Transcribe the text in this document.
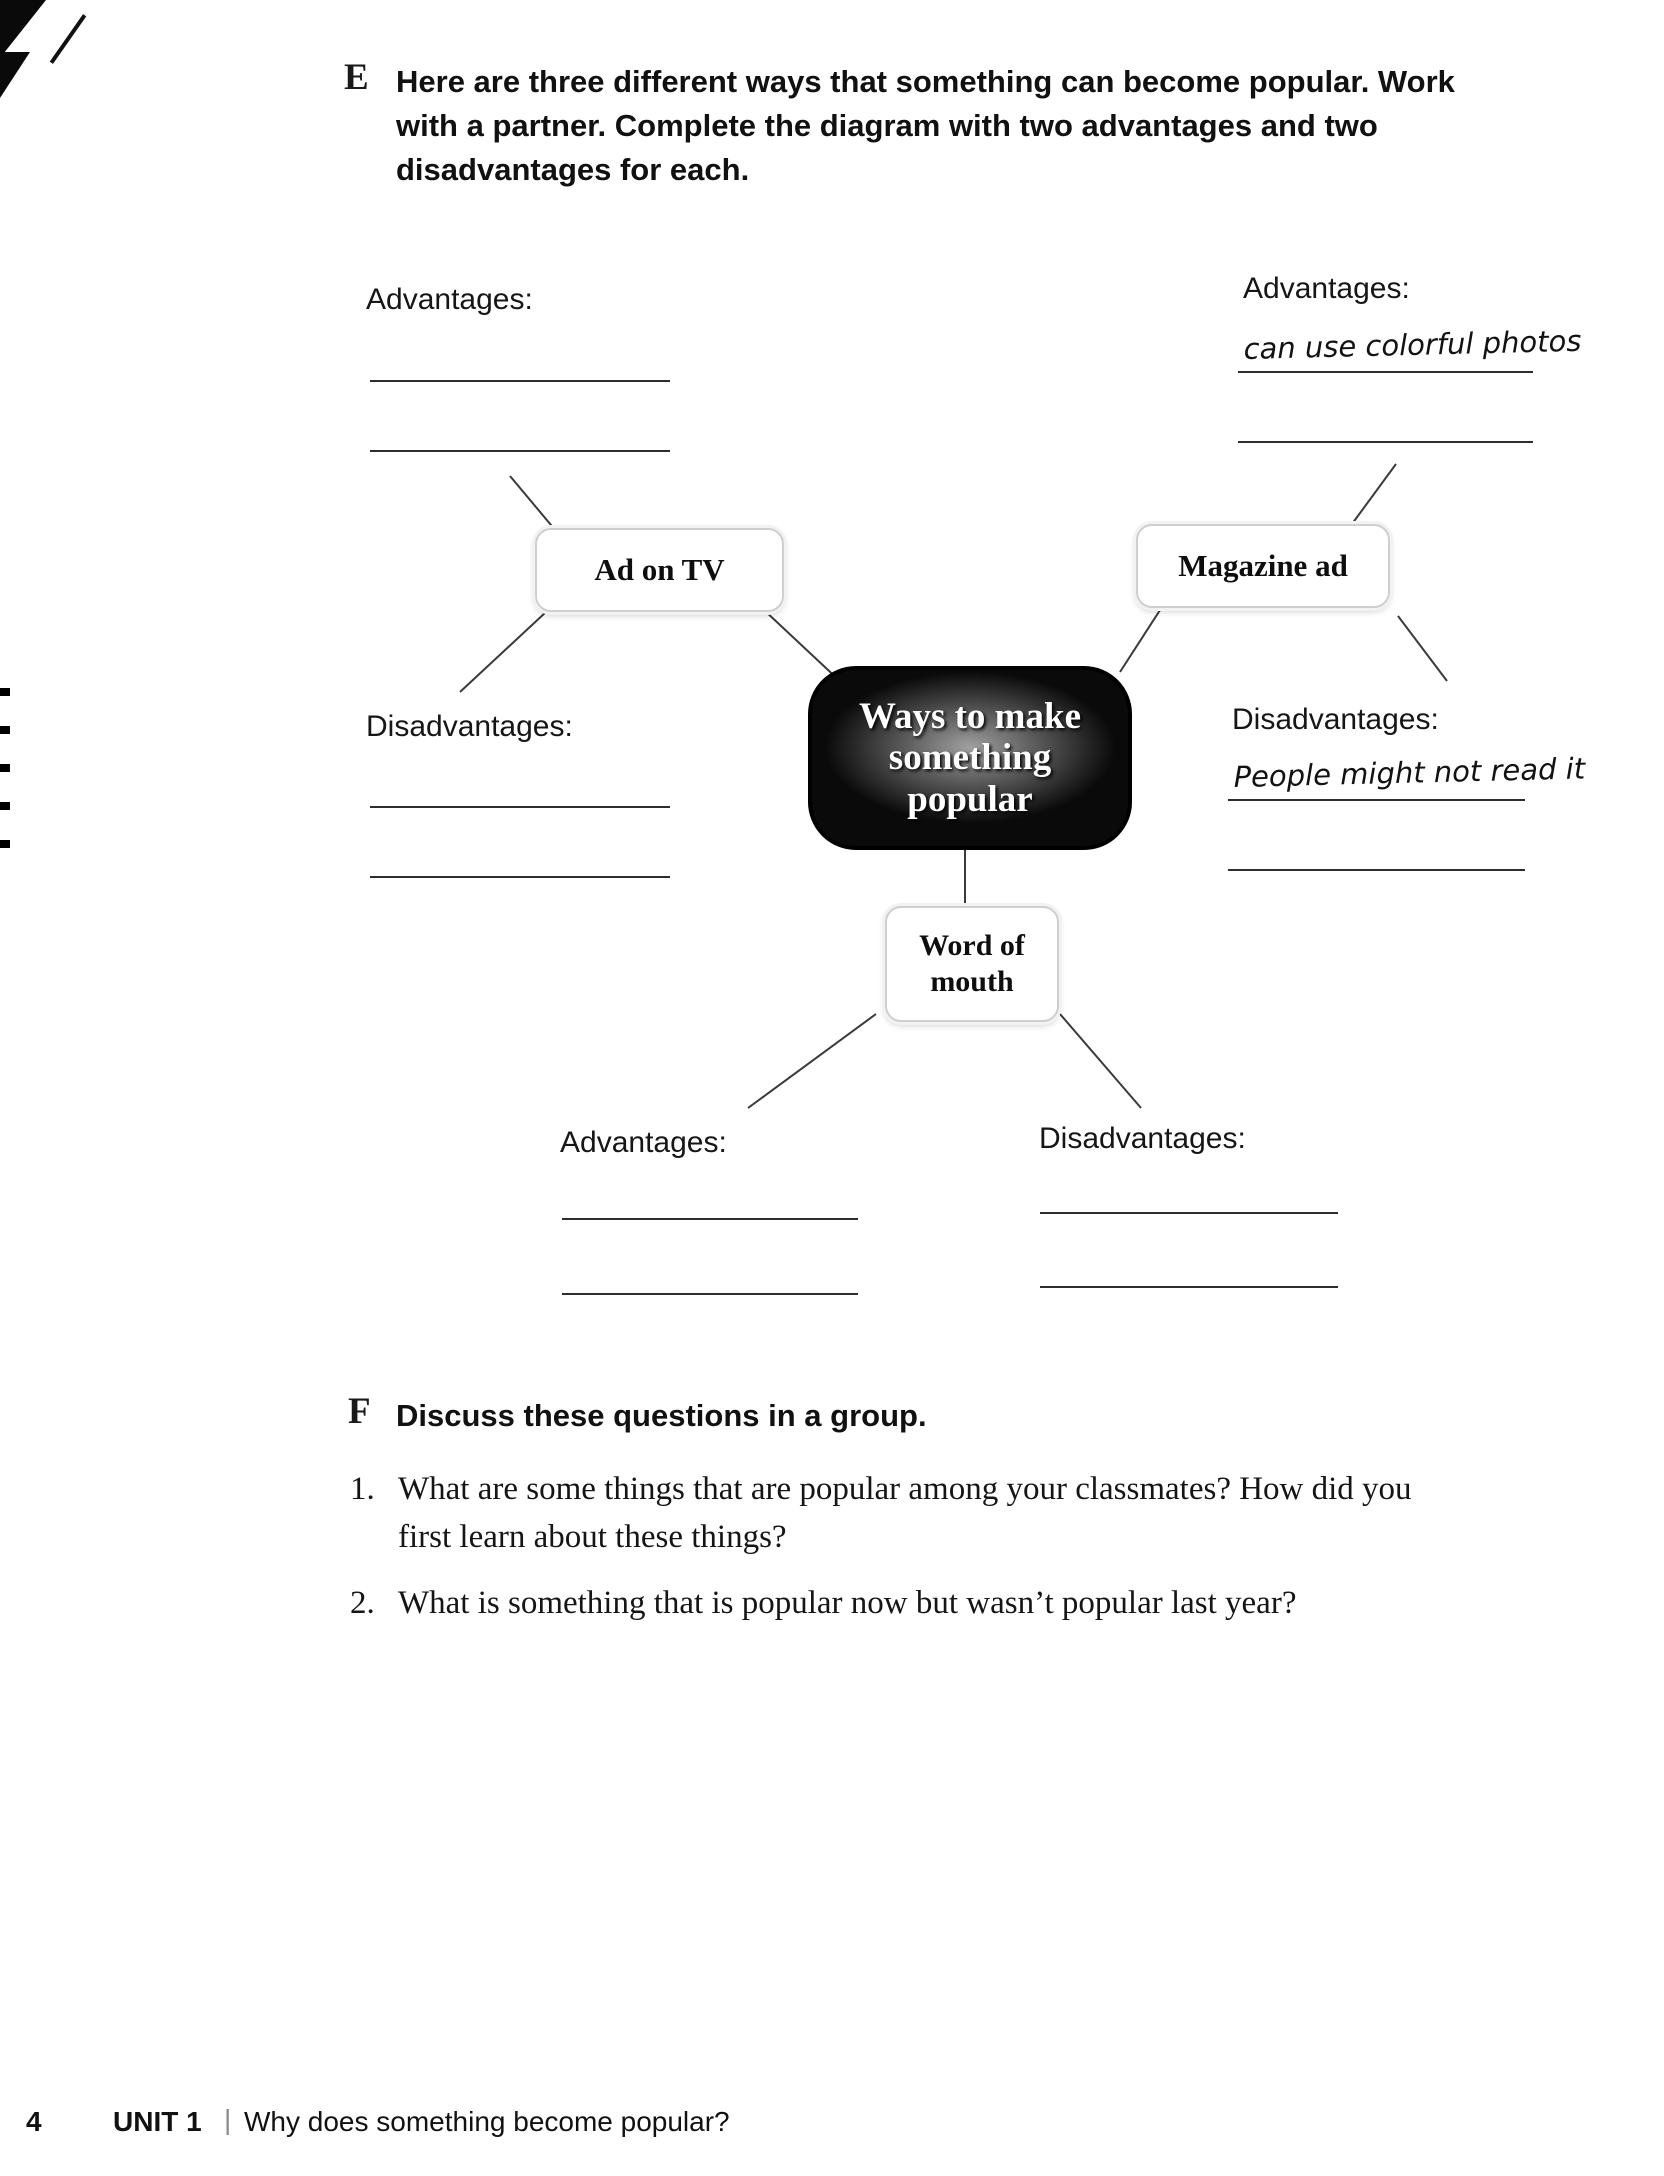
E Here are three different ways that something can become popular. Work with a partner. Complete the diagram with two advantages and two disadvantages for each.
Advantages:	Advantages:
can use colorful photos
Ad on TV	Magazine ad
Ways to make
something
popular
Disadvantages:	Disadvantages:
People might not read it
Word of
mouth
Advantages:	Disadvantages:
F Discuss these questions in a group.
1. What are some things that are popular among your classmates? How did you first learn about these things?
2. What is something that is popular now but wasn’t popular last year?
4	UNIT 1 | Why does something become popular?
